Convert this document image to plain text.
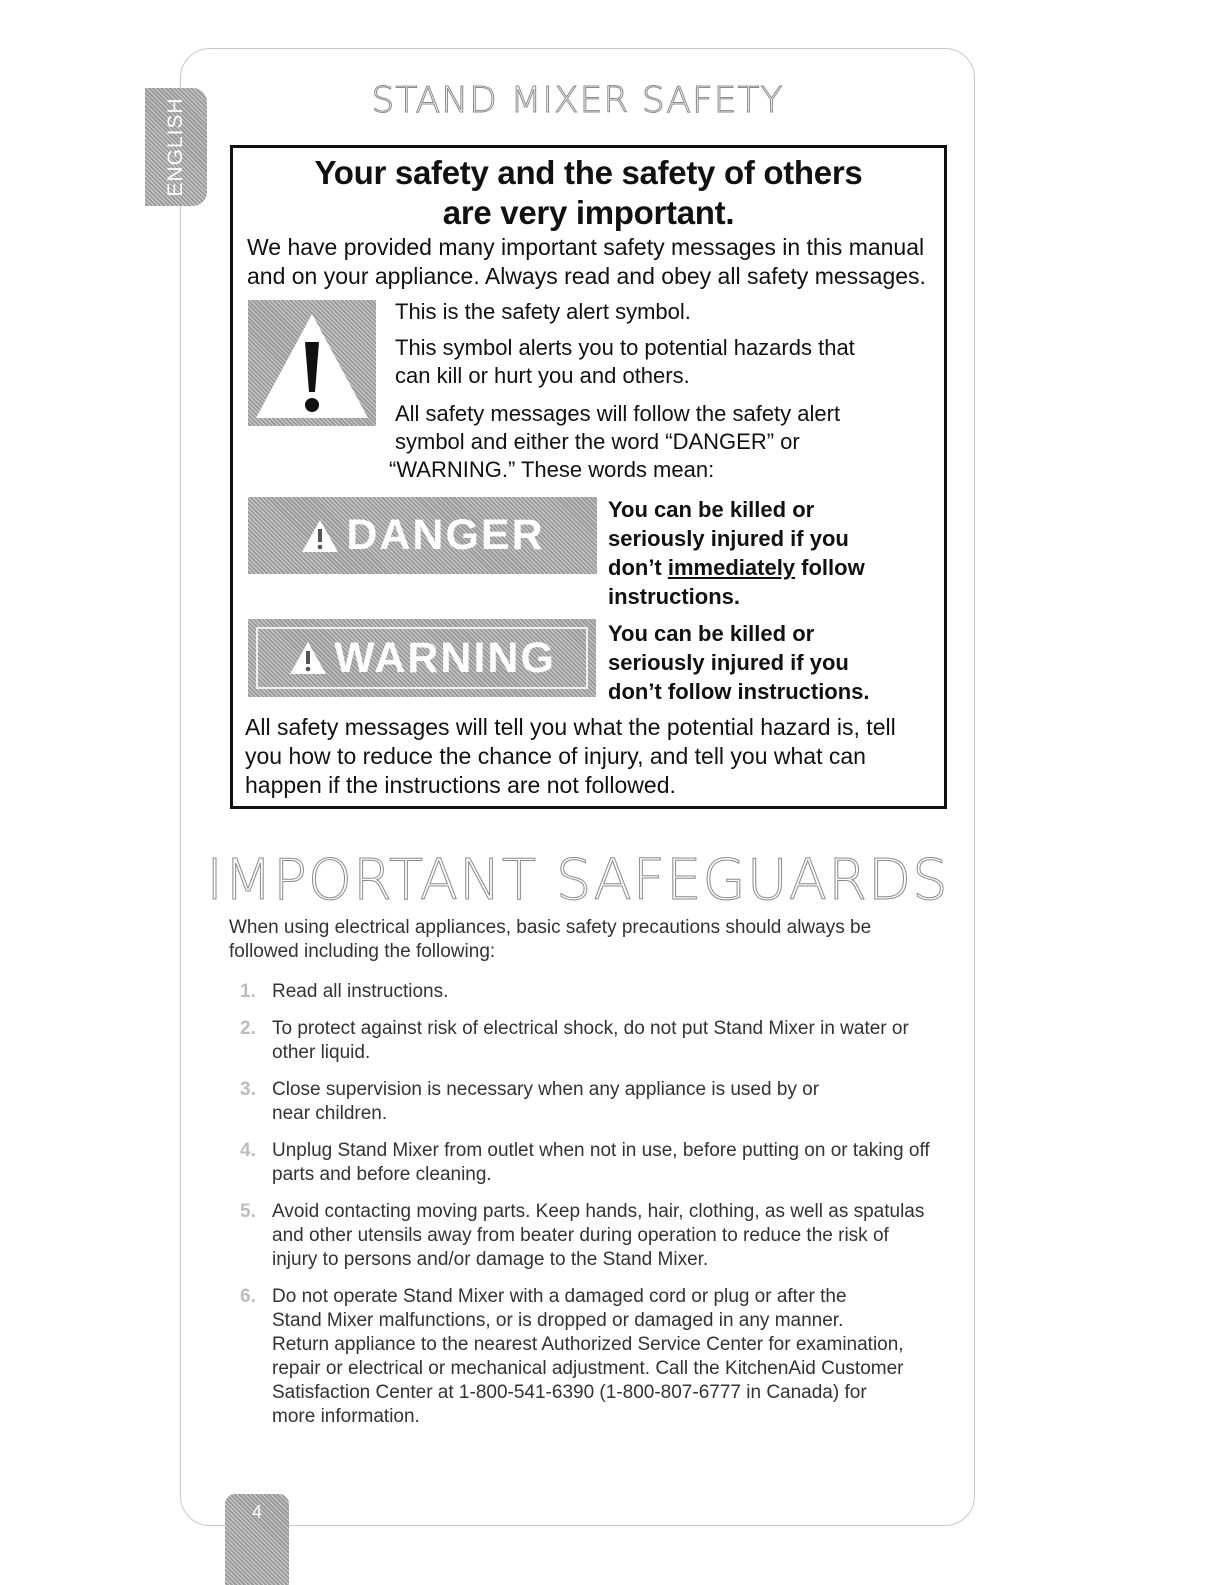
ENGLISH	STAND MIXER SAFETY
Your safety and the safety of others
are very important.
We have provided many important safety messages in this manual
and on your appliance. Always read and obey all safety messages.
This is the safety alert symbol.
This symbol alerts you to potential hazards that
can kill or hurt you and others.
All safety messages will follow the safety alert
symbol and either the word “DANGER” or
“WARNING.” These words mean:
DANGER
You can be killed or
seriously injured if you
don’t immediately follow
instructions.
WARNING You can be killed or
seriously injured if you
don’t follow instructions.
All safety messages will tell you what the potential hazard is, tell
you how to reduce the chance of injury, and tell you what can
happen if the instructions are not followed.
IMPORTANT SAFEGUARDS
When using electrical appliances, basic safety precautions should always be
followed including the following:
1. Read all instructions.
2. To protect against risk of electrical shock, do not put Stand Mixer in water or
other liquid.
3. Close supervision is necessary when any appliance is used by or
near children.
4. Unplug Stand Mixer from outlet when not in use, before putting on or taking off
parts and before cleaning.
5. Avoid contacting moving parts. Keep hands, hair, clothing, as well as spatulas
and other utensils away from beater during operation to reduce the risk of
injury to persons and/or damage to the Stand Mixer.
6. Do not operate Stand Mixer with a damaged cord or plug or after the
Stand Mixer malfunctions, or is dropped or damaged in any manner.
Return appliance to the nearest Authorized Service Center for examination,
repair or electrical or mechanical adjustment. Call the KitchenAid Customer
Satisfaction Center at 1-800-541-6390 (1-800-807-6777 in Canada) for
more information.
4
